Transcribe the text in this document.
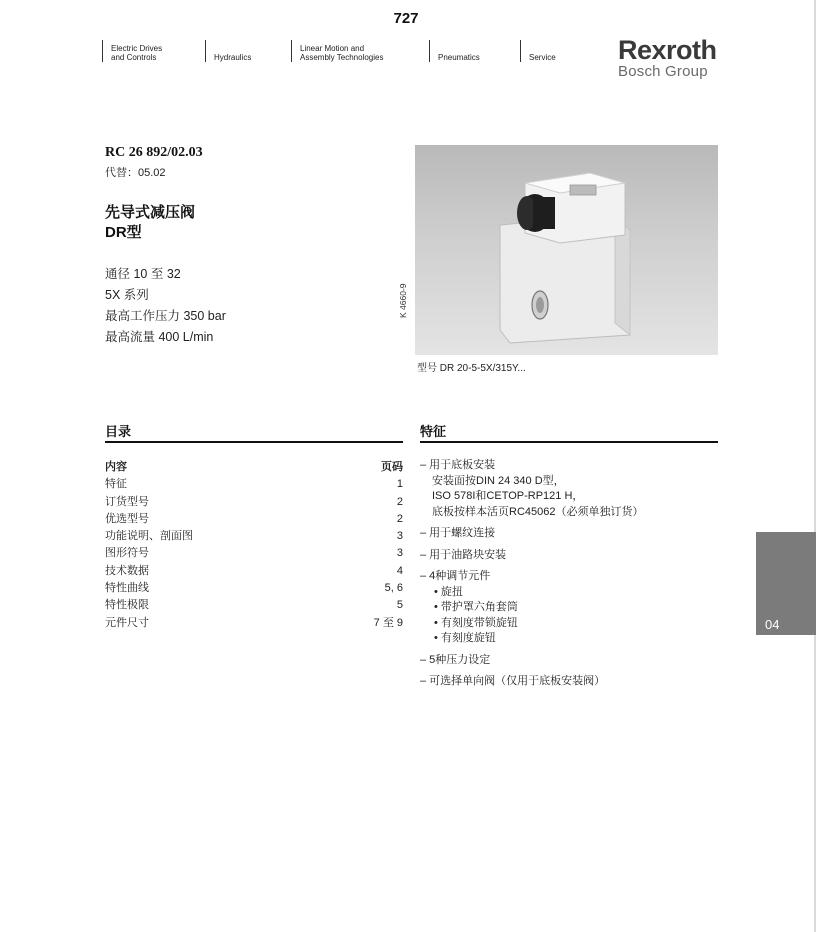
727
Electric Drives
and Controls	Hydraulics
Linear Motion and
Assembly Technologies	Pneumatics	Service Rexroth
Bosch Group
RC 26 892/02.03
代替：05.02
先导式减压阀
DR型
通径 10 至 32
5X 系列
最高工作压力 350 bar
最高流量 400 L/min
K 4660-9
型号 DR 20-5-5X/315Y...
目录	特征
内容	页码
特征	1
订货型号	2
优选型号	2
功能说明、剖面图	3
图形符号	3
技术数据	4
特性曲线	5, 6
特性极限	5
元件尺寸	7 至 9
– 用于底板安装
安装面按DIN 24 340 D型，
ISO 578I和CETOP-RP121 H，
底板按样本活页RC45062（必须单独订货）
– 用于螺纹连接
– 用于油路块安装
– 4种调节元件
• 旋扭
• 带护罩六角套筒
• 有刻度带锁旋钮
• 有刻度旋钮
– 5种压力设定
– 可选择单向阀（仅用于底板安装阀）
04
